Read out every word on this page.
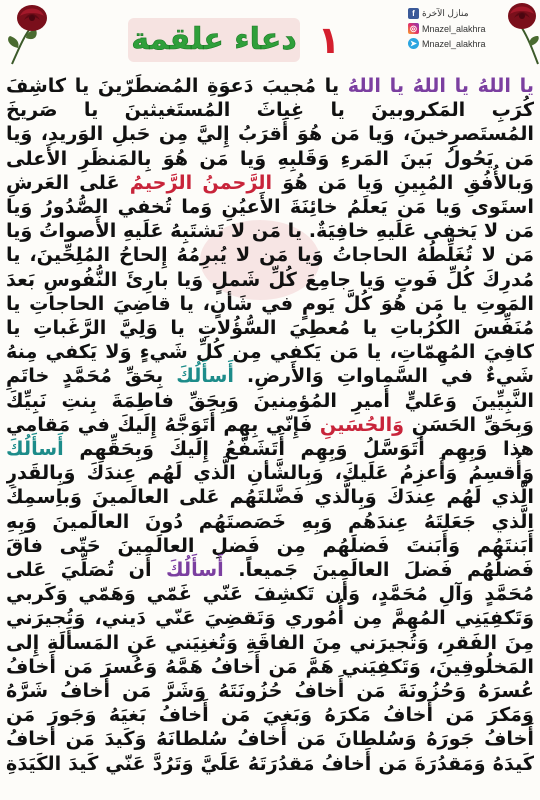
دعاء علقمة ١
f منازل الآخرة
◎ Mnazel_alakhra
➤ Mnazel_alakhra

يا اللهُ يا اللهُ يا اللهُ يا مُجيبَ دَعوَةِ المُضطَرّينَ يا كاشِفَ كُرَبِ المَكروبينَ يا غِياثَ المُستَغيثينَ يا صَريخَ المُستَصرِخينَ، وَيا مَن هُوَ أَقرَبُ إِليَّ مِن حَبلِ الوَريدِ، وَيا مَن يَحُولُ بَينَ المَرءِ وَقَلبِهِ وَيا مَن هُوَ بِالمَنظَرِ الأَعلى وَبالأُفُقِ المُبِينِ وَيا مَن هُوَ الرَّحمنُ الرَّحيمُ عَلى العَرشِ استَوى وَيا مَن يَعلَمُ خائِنَةَ الأَعيُنِ وَما تُخفي الصُّدُورُ وَيا مَن لا يَخفى عَلَيهِ خافِيَةٌ. يا مَن لا تَشتَبِهُ عَلَيهِ الأَصواتُ وَيا مَن لا تُغَلِّطُهُ الحاجاتُ وَيا مَن لا يُبرِمُهُ إِلحاحُ المُلِحِّينَ، يا مُدرِكَ كُلِّ فَوتٍ وَيا جامِعَ كُلِّ شَملٍ وَيا بارِئَ النُّفُوسِ بَعدَ المَوتِ يا مَن هُوَ كُلَّ يَومٍ في شَأنٍ، يا قاضِيَ الحاجاتِ يا مُنَفِّسَ الكُرُباتِ يا مُعطِيَ السُّؤُلاتِ يا وَلِيَّ الرَّغَباتِ يا كافِيَ المُهِمّاتِ، يا مَن يَكفي مِن كُلِّ شَيءٍ وَلا يَكفي مِنهُ شَيءٌ في السَّماواتِ وَالأَرضِ. أَسأَلُكَ بِحَقِّ مُحَمَّدٍ خاتَمِ النَّبِيِّينَ وَعَليٍّ أَميرِ المُؤمِنينَ وَبِحَقِّ فاطِمَةَ بِنتِ نَبِيِّكَ وَبِحَقِّ الحَسَنِ وَالحُسَينِ فَإِنّي بِهِم أَتَوَجَّهُ إِلَيكَ في مَقامي هذا وَبِهِم أَتَوَسَّلُ وَبِهِم أَتَشَفَّعُ إِلَيكَ وَبِحَقِّهِم أَسأَلُكَ وَأُقسِمُ وَأَعزِمُ عَلَيكَ، وَبِالشَّأنِ الَّذي لَهُم عِندَكَ وَبِالقَدرِ الَّذي لَهُم عِندَكَ وَبِالَّذي فَضَّلتَهُم عَلى العالَمينَ وَباِسمِكَ الَّذي جَعَلتَهُ عِندَهُم وَبِهِ خَصَصتَهُم دُونَ العالَمينَ وَبِهِ أَبَنتَهُم وَأَبَنتَ فَضلَهُم مِن فَضلِ العالَمينَ حَتّى فاقَ فَضلُهُم فَضلَ العالَمينَ جَميعاً. أَسأَلُكَ أَن تُصَلِّيَ عَلى مُحَمَّدٍ وَآلِ مُحَمَّدٍ، وَأَن تَكشِفَ عَنّي غَمّي وَهَمّي وَكَربي وَتَكفِيَنِي المُهِمَّ مِن أُمُوري وَتَقضِيَ عَنّي دَيني، وَتُجيرَني مِنَ الفَقرِ، وَتُجيرَني مِنَ الفاقَةِ وَتُغنِيَني عَنِ المَسأَلَةِ إِلى المَخلُوقِينَ، وَتَكفِيَني هَمَّ مَن أَخافُ هَمَّهُ وَعُسرَ مَن أَخافُ عُسرَهُ وَحُزُونَةَ مَن أَخافُ حُزُونَتَهُ وَشَرَّ مَن أَخافُ شَرَّهُ وَمَكرَ مَن أَخافُ مَكرَهُ وَبَغيَ مَن أَخافُ بَغيَهُ وَجَورَ مَن أَخافُ جَورَهُ وَسُلطانَ مَن أَخافُ سُلطانَهُ وَكَيدَ مَن أَخافُ كَيدَهُ وَمَقدُرَةَ مَن أَخافُ مَقدُرَتَهُ عَلَيَّ وَتَرُدَّ عَنّي كَيدَ الكَيَدَةِ
